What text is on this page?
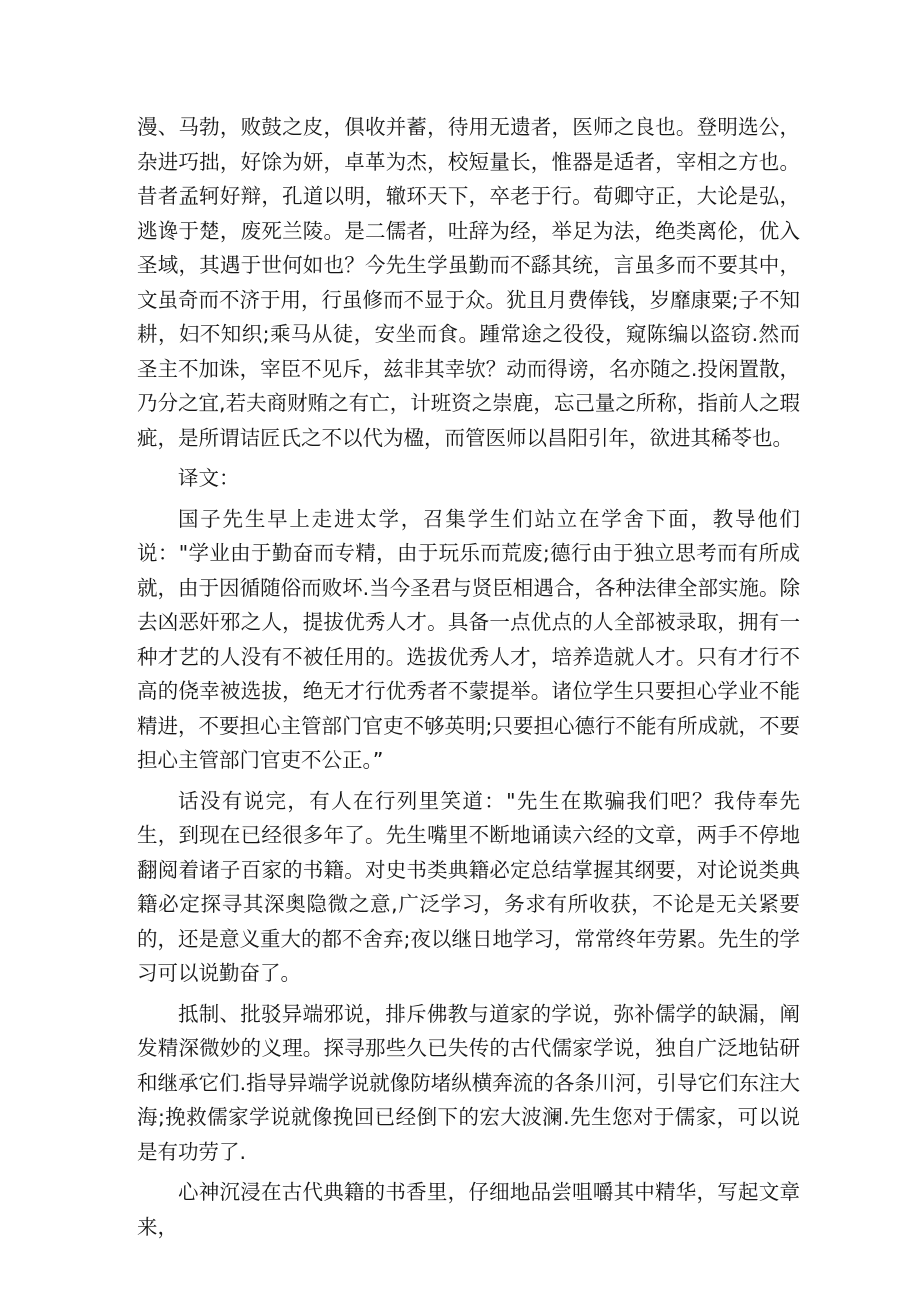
漫、马勃，败鼓之皮，俱收并蓄，待用无遗者，医师之良也。登明选公，杂进巧拙，好馀为妍，卓革为杰，校短量长，惟器是适者，宰相之方也。昔者孟轲好辩，孔道以明，辙环天下，卒老于行。荀卿守正，大论是弘，逃谗于楚，废死兰陵。是二儒者，吐辞为经，举足为法，绝类离伦，优入圣域，其遇于世何如也？今先生学虽勤而不繇其统，言虽多而不要其中，文虽奇而不济于用，行虽修而不显于众。犹且月费俸钱，岁靡康粟;子不知耕，妇不知织;乘马从徒，安坐而食。踵常途之役役，窥陈编以盗窃.然而圣主不加诛，宰臣不见斥，兹非其幸欤？动而得谤，名亦随之.投闲置散，乃分之宜,若夫商财贿之有亡，计班资之崇鹿，忘己量之所称，指前人之瑕疵，是所谓诘匠氏之不以代为楹，而管医师以昌阳引年，欲进其稀苓也。

译文：

国子先生早上走进太学，召集学生们站立在学舍下面，教导他们说："学业由于勤奋而专精，由于玩乐而荒废;德行由于独立思考而有所成就，由于因循随俗而败坏.当今圣君与贤臣相遇合，各种法律全部实施。除去凶恶奸邪之人，提拔优秀人才。具备一点优点的人全部被录取，拥有一种才艺的人没有不被任用的。选拔优秀人才，培养造就人才。只有才行不高的侥幸被选拔，绝无才行优秀者不蒙提举。诸位学生只要担心学业不能精进，不要担心主管部门官吏不够英明;只要担心德行不能有所成就，不要担心主管部门官吏不公正。”

话没有说完，有人在行列里笑道："先生在欺骗我们吧？我侍奉先生，到现在已经很多年了。先生嘴里不断地诵读六经的文章，两手不停地翻阅着诸子百家的书籍。对史书类典籍必定总结掌握其纲要，对论说类典籍必定探寻其深奥隐微之意,广泛学习，务求有所收获，不论是无关紧要的，还是意义重大的都不舍弃;夜以继日地学习，常常终年劳累。先生的学习可以说勤奋了。

抵制、批驳异端邪说，排斥佛教与道家的学说，弥补儒学的缺漏，阐发精深微妙的义理。探寻那些久已失传的古代儒家学说，独自广泛地钻研和继承它们.指导异端学说就像防堵纵横奔流的各条川河，引导它们东注大海;挽救儒家学说就像挽回已经倒下的宏大波澜.先生您对于儒家，可以说是有功劳了.

心神沉浸在古代典籍的书香里，仔细地品尝咀嚼其中精华，写起文章来，
